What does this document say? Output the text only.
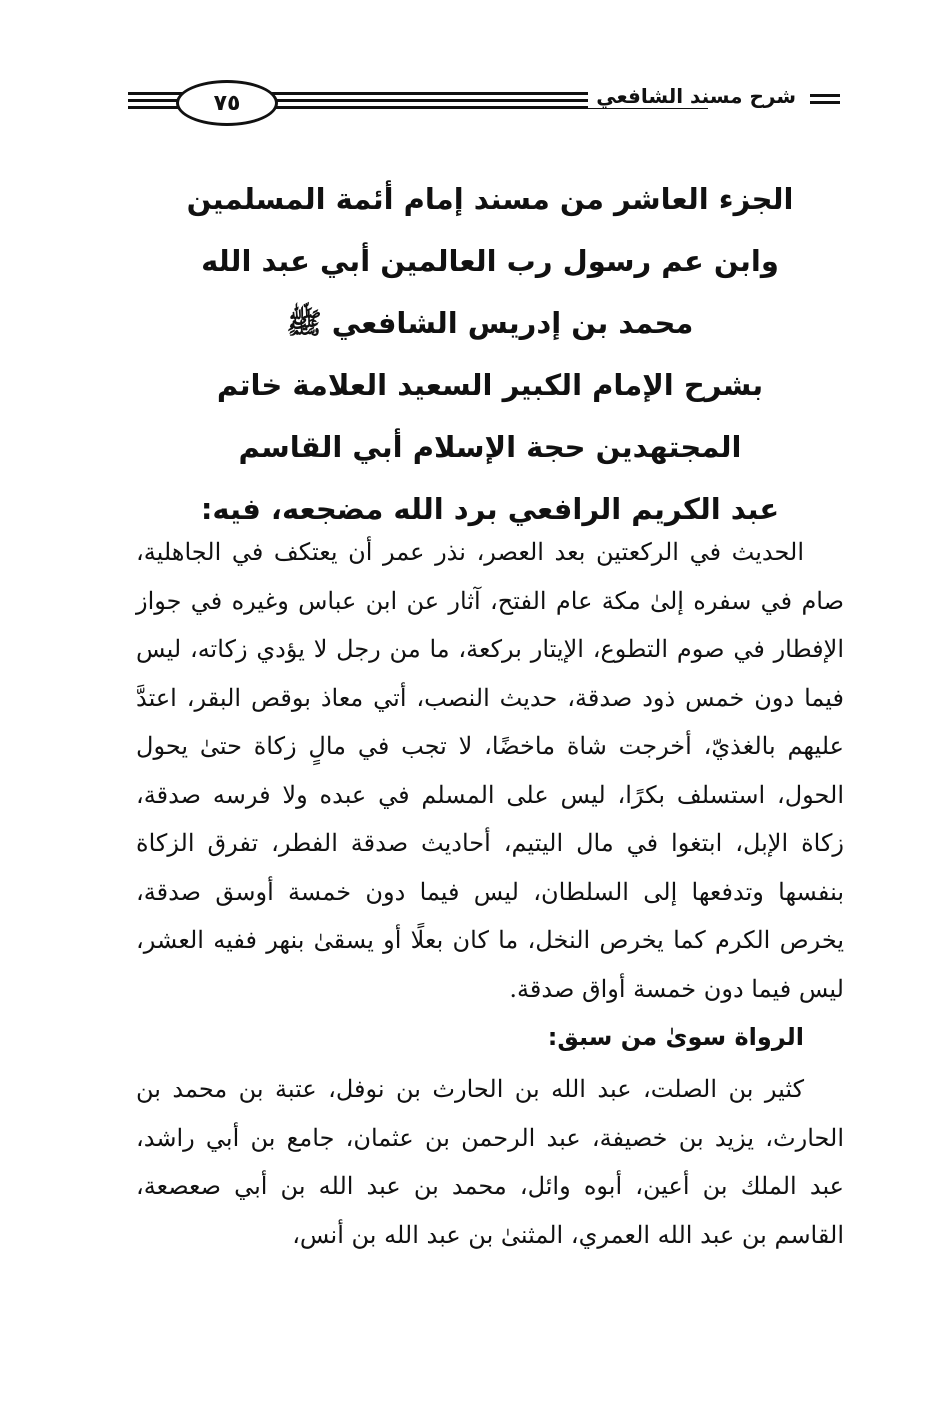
شرح مسند الشافعي
٧٥
الجزء العاشر من مسند إمام أئمة المسلمين
وابن عم رسول رب العالمين أبي عبد الله
محمد بن إدريس الشافعي ﷺ
بشرح الإمام الكبير السعيد العلامة خاتم
المجتهدين حجة الإسلام أبي القاسم
عبد الكريم الرافعي برد الله مضجعه، فيه:

الحديث في الركعتين بعد العصر، نذر عمر أن يعتكف في الجاهلية، صام في سفره إلىٰ مكة عام الفتح، آثار عن ابن عباس وغيره في جواز الإفطار في صوم التطوع، الإيتار بركعة، ما من رجل لا يؤدي زكاته، ليس فيما دون خمس ذود صدقة، حديث النصب، أتي معاذ بوقص البقر، اعتدَّ عليهم بالغذيّ، أخرجت شاة ماخضًا، لا تجب في مالٍ زكاة حتىٰ يحول الحول، استسلف بكرًا، ليس على المسلم في عبده ولا فرسه صدقة، زكاة الإبل، ابتغوا في مال اليتيم، أحاديث صدقة الفطر، تفرق الزكاة بنفسها وتدفعها إلى السلطان، ليس فيما دون خمسة أوسق صدقة، يخرص الكرم كما يخرص النخل، ما كان بعلًا أو يسقىٰ بنهر ففيه العشر، ليس فيما دون خمسة أواق صدقة.

الرواة سوىٰ من سبق:

كثير بن الصلت، عبد الله بن الحارث بن نوفل، عتبة بن محمد بن الحارث، يزيد بن خصيفة، عبد الرحمن بن عثمان، جامع بن أبي راشد، عبد الملك بن أعين، أبوه وائل، محمد بن عبد الله بن أبي صعصعة، القاسم بن عبد الله العمري، المثنىٰ بن عبد الله بن أنس،
